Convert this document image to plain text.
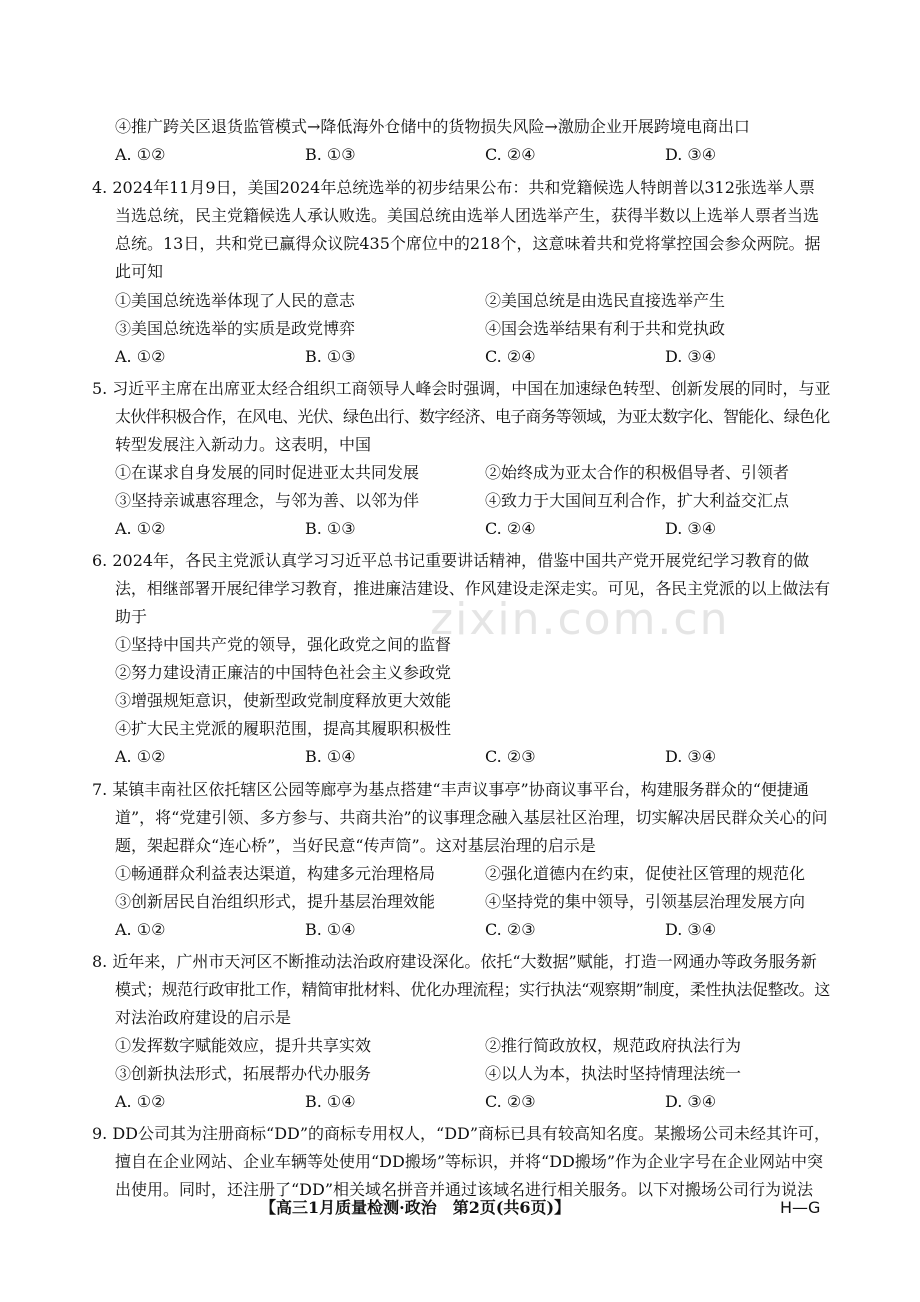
zixin.com.cn
④推广跨关区退货监管模式→降低海外仓储中的货物损失风险→激励企业开展跨境电商出口
A. ①②	B. ①③	C. ②④	D. ③④
4. 2024年11月9日，美国2024年总统选举的初步结果公布：共和党籍候选人特朗普以312张选举人票
当选总统，民主党籍候选人承认败选。美国总统由选举人团选举产生，获得半数以上选举人票者当选
总统。13日，共和党已赢得众议院435个席位中的218个，这意味着共和党将掌控国会参众两院。据
此可知
①美国总统选举体现了人民的意志	②美国总统是由选民直接选举产生
③美国总统选举的实质是政党博弈	④国会选举结果有利于共和党执政
A. ①②	B. ①③	C. ②④	D. ③④
5. 习近平主席在出席亚太经合组织工商领导人峰会时强调，中国在加速绿色转型、创新发展的同时，与亚
太伙伴积极合作，在风电、光伏、绿色出行、数字经济、电子商务等领域，为亚太数字化、智能化、绿色化
转型发展注入新动力。这表明，中国
①在谋求自身发展的同时促进亚太共同发展	②始终成为亚太合作的积极倡导者、引领者
③坚持亲诚惠容理念，与邻为善、以邻为伴	④致力于大国间互利合作，扩大利益交汇点
A. ①②	B. ①③	C. ②④	D. ③④
6. 2024年，各民主党派认真学习习近平总书记重要讲话精神，借鉴中国共产党开展党纪学习教育的做
法，相继部署开展纪律学习教育，推进廉洁建设、作风建设走深走实。可见，各民主党派的以上做法有
助于
①坚持中国共产党的领导，强化政党之间的监督
②努力建设清正廉洁的中国特色社会主义参政党
③增强规矩意识，使新型政党制度释放更大效能
④扩大民主党派的履职范围，提高其履职积极性
A. ①②	B. ①④	C. ②③	D. ③④
7. 某镇丰南社区依托辖区公园等廊亭为基点搭建“丰声议事亭”协商议事平台，构建服务群众的“便捷通
道”，将“党建引领、多方参与、共商共治”的议事理念融入基层社区治理，切实解决居民群众关心的问
题，架起群众“连心桥”，当好民意“传声筒”。这对基层治理的启示是
①畅通群众利益表达渠道，构建多元治理格局	②强化道德内在约束，促使社区管理的规范化
③创新居民自治组织形式，提升基层治理效能	④坚持党的集中领导，引领基层治理发展方向
A. ①②	B. ①④	C. ②③	D. ③④
8. 近年来，广州市天河区不断推动法治政府建设深化。依托“大数据”赋能，打造一网通办等政务服务新
模式；规范行政审批工作，精简审批材料、优化办理流程；实行执法“观察期”制度，柔性执法促整改。这
对法治政府建设的启示是
①发挥数字赋能效应，提升共享实效	②推行简政放权，规范政府执法行为
③创新执法形式，拓展帮办代办服务	④以人为本，执法时坚持情理法统一
A. ①②	B. ①④	C. ②③	D. ③④
9. DD公司其为注册商标“DD”的商标专用权人，“DD”商标已具有较高知名度。某搬场公司未经其许可，
擅自在企业网站、企业车辆等处使用“DD搬场”等标识，并将“DD搬场”作为企业字号在企业网站中突
出使用。同时，还注册了“DD”相关域名拼音并通过该域名进行相关服务。以下对搬场公司行为说法
【高三1月质量检测·政治　第2页(共6页)】	H—G
